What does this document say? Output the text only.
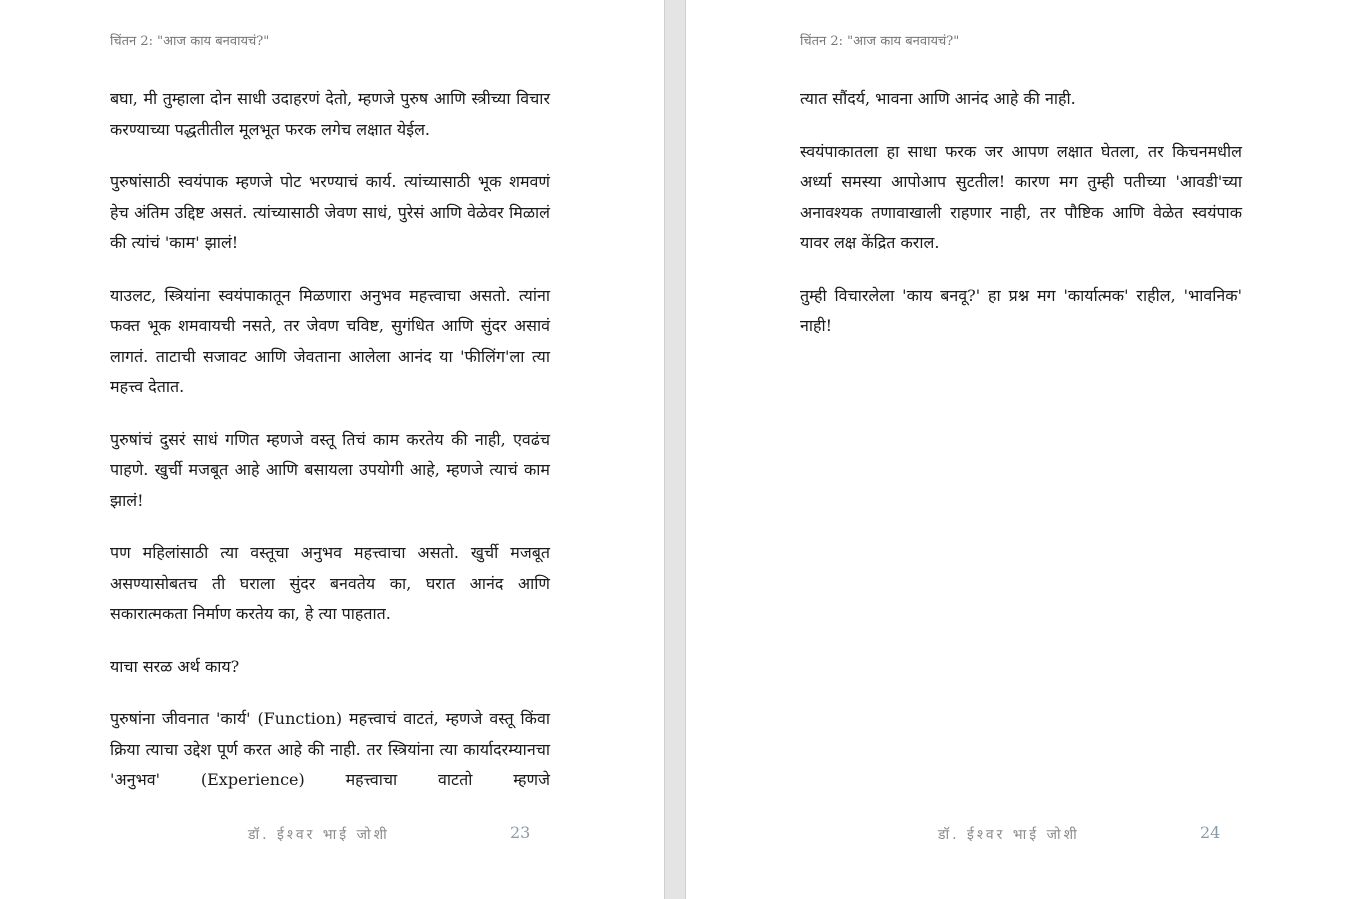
चिंतन 2: "आज काय बनवायचं?"

बघा, मी तुम्हाला दोन साधी उदाहरणं देतो, म्हणजे पुरुष आणि स्त्रीच्या विचार करण्याच्या पद्धतीतील मूलभूत फरक लगेच लक्षात येईल.

पुरुषांसाठी स्वयंपाक म्हणजे पोट भरण्याचं कार्य. त्यांच्यासाठी भूक शमवणं हेच अंतिम उद्दिष्ट असतं. त्यांच्यासाठी जेवण साधं, पुरेसं आणि वेळेवर मिळालं की त्यांचं 'काम' झालं!

याउलट, स्त्रियांना स्वयंपाकातून मिळणारा अनुभव महत्त्वाचा असतो. त्यांना फक्त भूक शमवायची नसते, तर जेवण चविष्ट, सुगंधित आणि सुंदर असावं लागतं. ताटाची सजावट आणि जेवताना आलेला आनंद या 'फीलिंग'ला त्या महत्त्व देतात.

पुरुषांचं दुसरं साधं गणित म्हणजे वस्तू तिचं काम करतेय की नाही, एवढंच पाहणे. खुर्ची मजबूत आहे आणि बसायला उपयोगी आहे, म्हणजे त्याचं काम झालं!

पण महिलांसाठी त्या वस्तूचा अनुभव महत्त्वाचा असतो. खुर्ची मजबूत असण्यासोबतच ती घराला सुंदर बनवतेय का, घरात आनंद आणि सकारात्मकता निर्माण करतेय का, हे त्या पाहतात.

याचा सरळ अर्थ काय?

पुरुषांना जीवनात 'कार्य' (Function) महत्त्वाचं वाटतं, म्हणजे वस्तू किंवा क्रिया त्याचा उद्देश पूर्ण करत आहे की नाही. तर स्त्रियांना त्या कार्यादरम्यानचा 'अनुभव' (Experience) महत्त्वाचा वाटतो म्हणजे

डॉ. ईश्वर भाई जोशी	23
चिंतन 2: "आज काय बनवायचं?"

त्यात सौंदर्य, भावना आणि आनंद आहे की नाही.

स्वयंपाकातला हा साधा फरक जर आपण लक्षात घेतला, तर किचनमधील अर्ध्या समस्या आपोआप सुटतील! कारण मग तुम्ही पतीच्या 'आवडी'च्या अनावश्यक तणावाखाली राहणार नाही, तर पौष्टिक आणि वेळेत स्वयंपाक यावर लक्ष केंद्रित कराल.

तुम्ही विचारलेला 'काय बनवू?' हा प्रश्न मग 'कार्यात्मक' राहील, 'भावनिक' नाही!

डॉ. ईश्वर भाई जोशी	24
